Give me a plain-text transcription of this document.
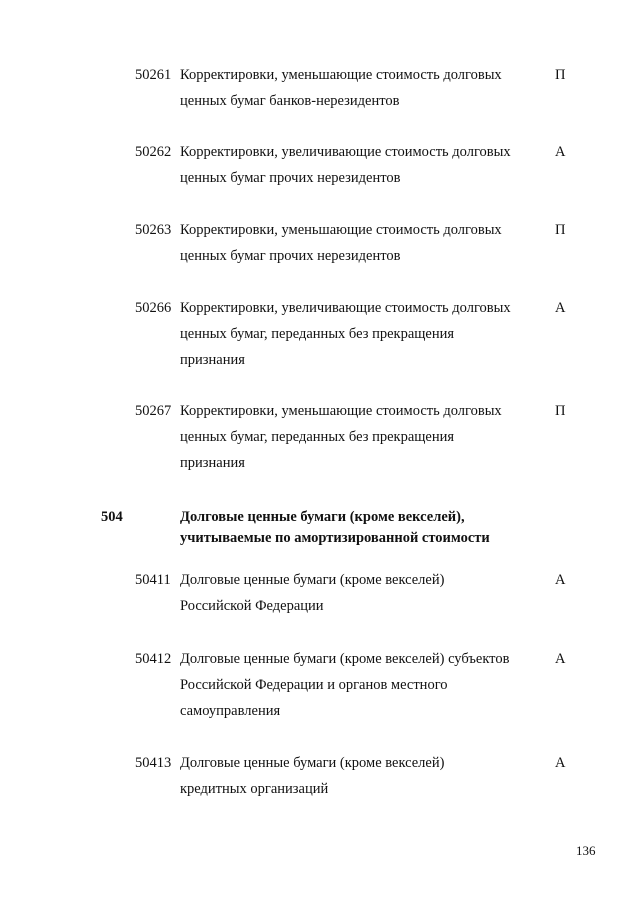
50261 Корректировки, уменьшающие стоимость долговых
ценных бумаг банков-нерезидентов
П
50262 Корректировки, увеличивающие стоимость долговых
ценных бумаг прочих нерезидентов
А
50263 Корректировки, уменьшающие стоимость долговых
ценных бумаг прочих нерезидентов
П
50266 Корректировки, увеличивающие стоимость долговых
ценных бумаг, переданных без прекращения
признания
А
50267 Корректировки, уменьшающие стоимость долговых
ценных бумаг, переданных без прекращения
признания
П
504	Долговые ценные бумаги (кроме векселей),
учитываемые по амортизированной стоимости
50411 Долговые ценные бумаги (кроме векселей)
Российской Федерации
А
50412 Долговые ценные бумаги (кроме векселей) субъектов
Российской Федерации и органов местного
самоуправления
А
50413 Долговые ценные бумаги (кроме векселей)
кредитных организаций
А
136
